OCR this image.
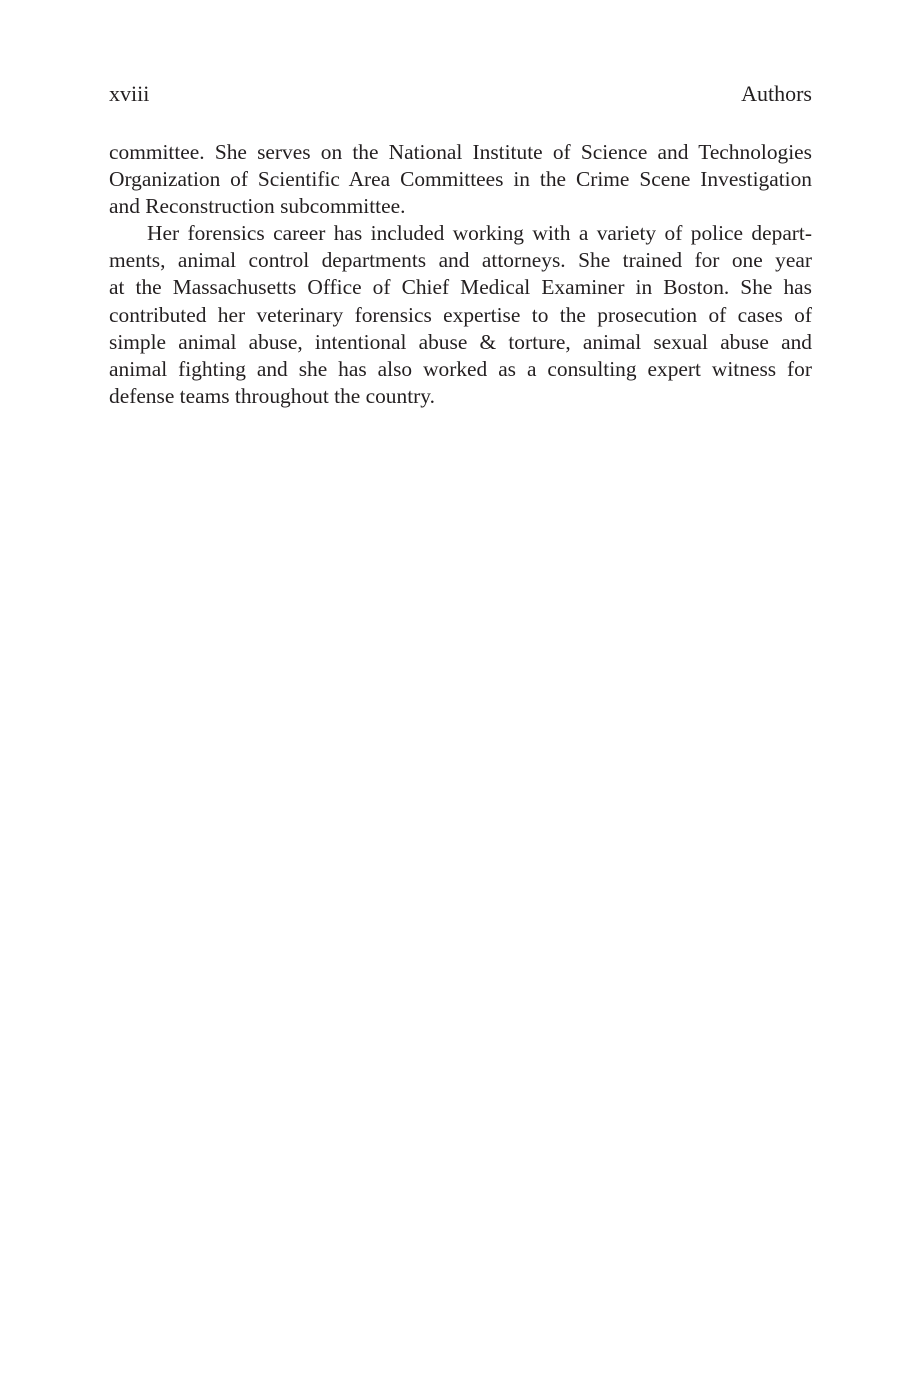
xviii	Authors
committee. She serves on the National Institute of Science and Technologies
Organization of Scientific Area Committees in the Crime Scene Investigation
and Reconstruction subcommittee.
Her forensics career has included working with a variety of police depart-
ments, animal control departments and attorneys. She trained for one year
at the Massachusetts Office of Chief Medical Examiner in Boston. She has
contributed her veterinary forensics expertise to the prosecution of cases of
simple animal abuse, intentional abuse & torture, animal sexual abuse and
animal fighting and she has also worked as a consulting expert witness for
defense teams throughout the country.
